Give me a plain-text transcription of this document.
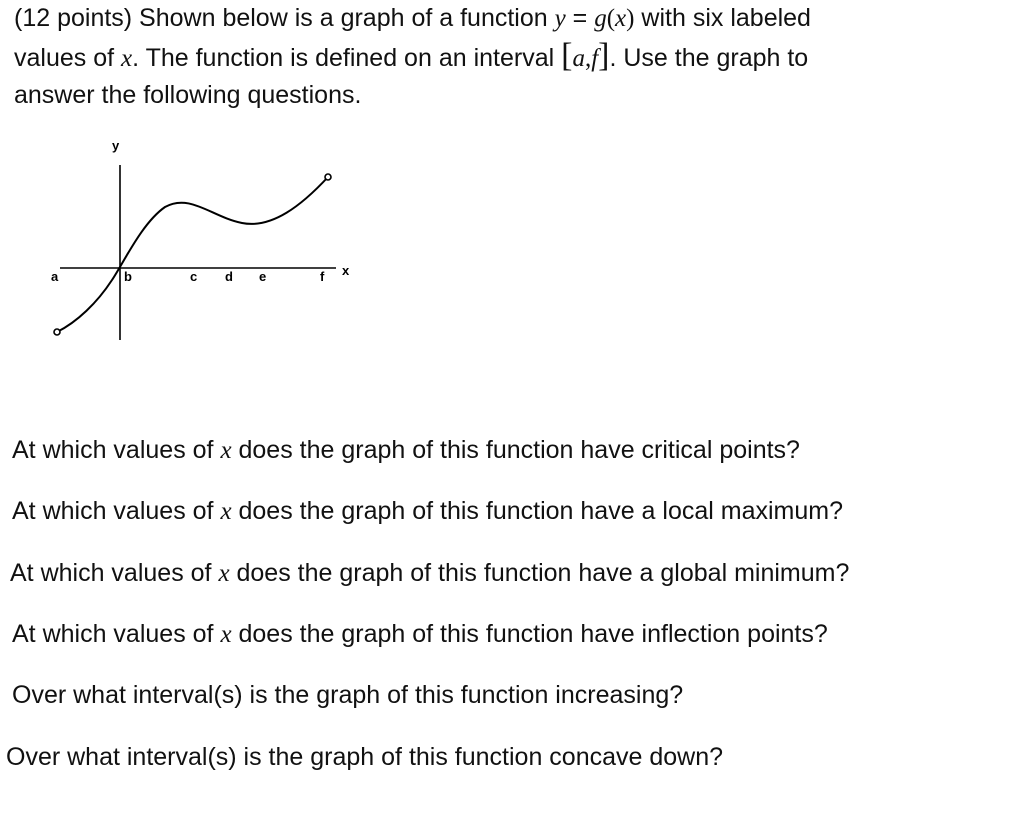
(12 points) Shown below is a graph of a function y = g(x) with six labeled
values of x. The function is defined on an interval [a,f]. Use the graph to
answer the following questions.
y
x
a	b	c d e	f
At which values of x does the graph of this function have critical points?
At which values of x does the graph of this function have a local maximum?
At which values of x does the graph of this function have a global minimum?
At which values of x does the graph of this function have inflection points?
Over what interval(s) is the graph of this function increasing?
Over what interval(s) is the graph of this function concave down?
